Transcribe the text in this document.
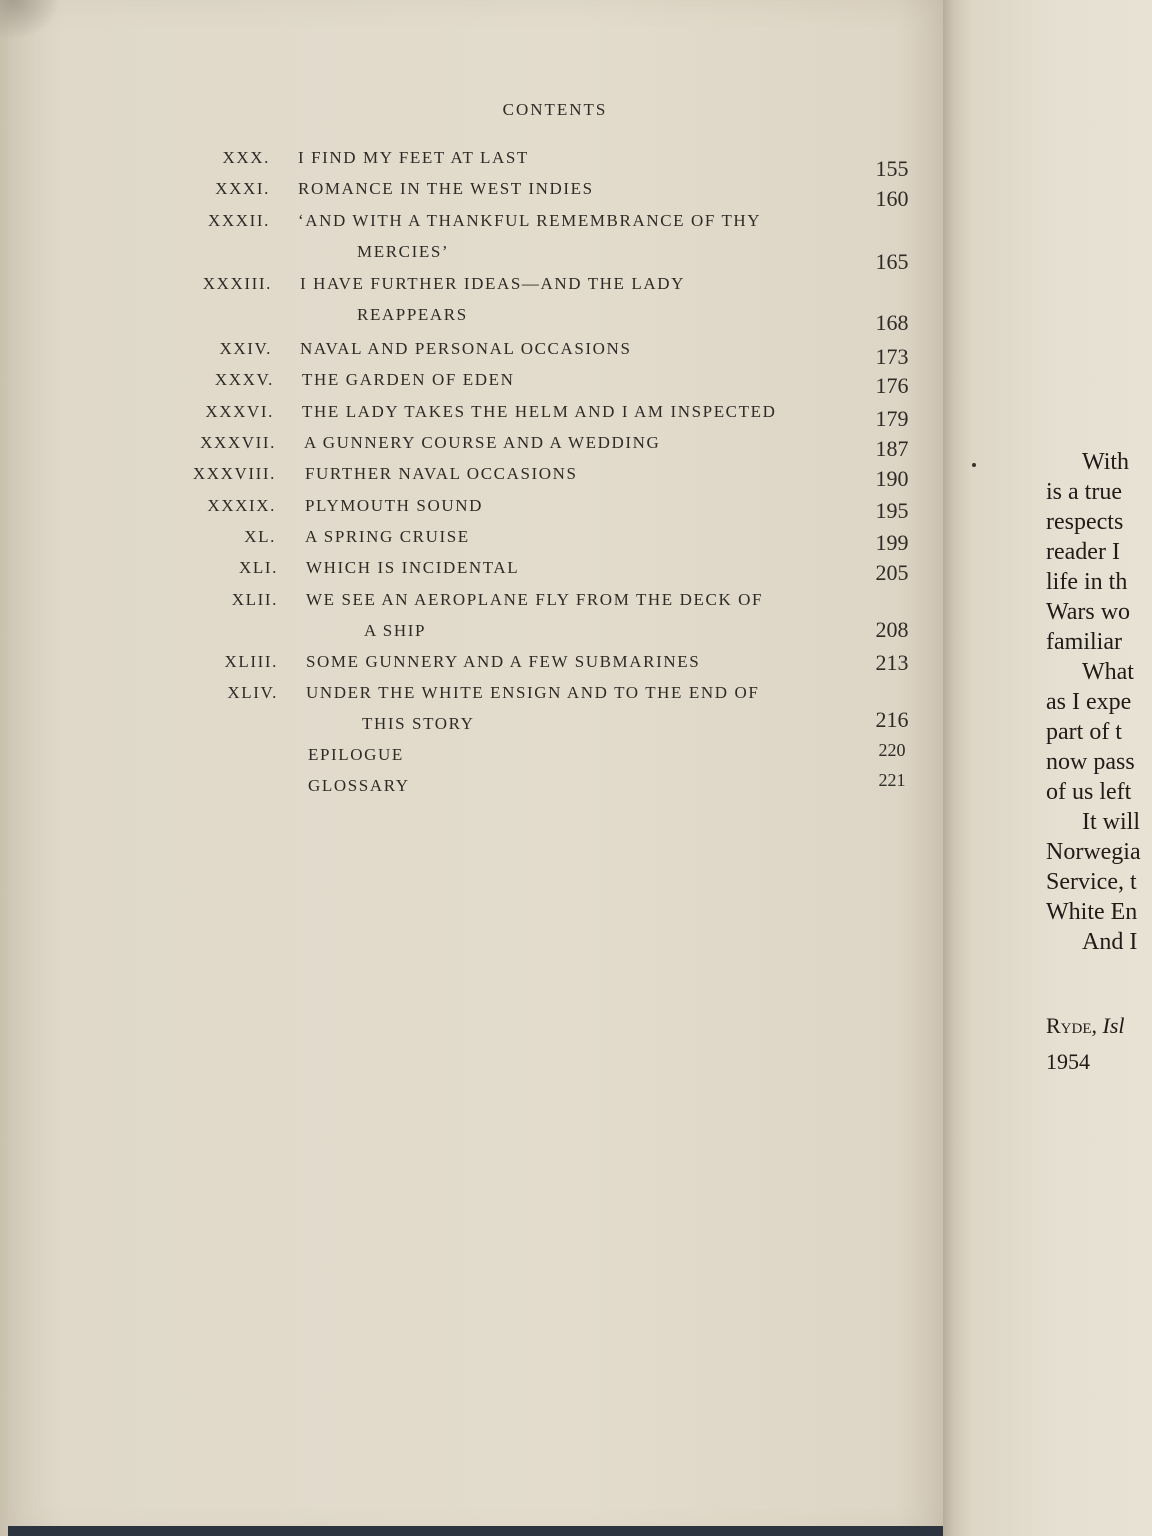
CONTENTS
XXX. I FIND MY FEET AT LAST	155
XXXI. ROMANCE IN THE WEST INDIES	160
XXXII. ‘AND WITH A THANKFUL REMEMBRANCE OF THY
MERCIES’	165
XXXIII. I HAVE FURTHER IDEAS—AND THE LADY
REAPPEARS	168
XXIV. NAVAL AND PERSONAL OCCASIONS	173
XXXV. THE GARDEN OF EDEN	176
XXXVI. THE LADY TAKES THE HELM AND I AM INSPECTED	179
XXXVII. A GUNNERY COURSE AND A WEDDING	187
XXXVIII. FURTHER NAVAL OCCASIONS	190
XXXIX. PLYMOUTH SOUND	195
XL. A SPRING CRUISE	199
XLI. WHICH IS INCIDENTAL	205
XLII. WE SEE AN AEROPLANE FLY FROM THE DECK OF
A SHIP	208
XLIII. SOME GUNNERY AND A FEW SUBMARINES	213
XLIV. UNDER THE WHITE ENSIGN AND TO THE END OF
THIS STORY	216
EPILOGUE	220
GLOSSARY	221
With
is a true
respects
reader I
life in th
Wars wo
familiar
What
as I expe
part of t
now pass
of us left
It will
Norwegia
Service, t
White En
And I
Ryde, Isl
1954
